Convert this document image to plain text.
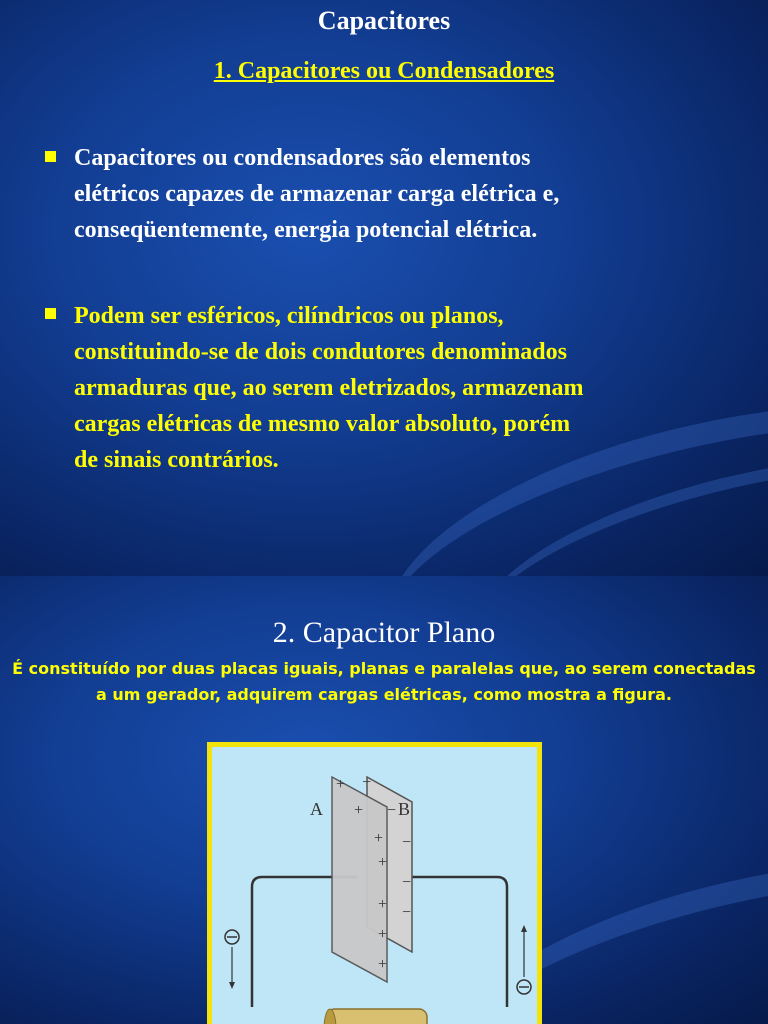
Capacitores
1. Capacitores ou Condensadores
Capacitores ou condensadores são elementos
elétricos capazes de armazenar carga elétrica e,
conseqüentemente, energia potencial elétrica.
Podem ser esféricos, cilíndricos ou planos,
constituindo-se de dois condutores denominados
armaduras que, ao serem eletrizados, armazenam
cargas elétricas de mesmo valor absoluto, porém
de sinais contrários.
2. Capacitor Plano
É constituído por duas placas iguais, planas e paralelas que, ao serem conectadas
a um gerador, adquirem cargas elétricas, como mostra a figura.
A	B
+
+
+
+
+
+
+
−
−
−
−
−
